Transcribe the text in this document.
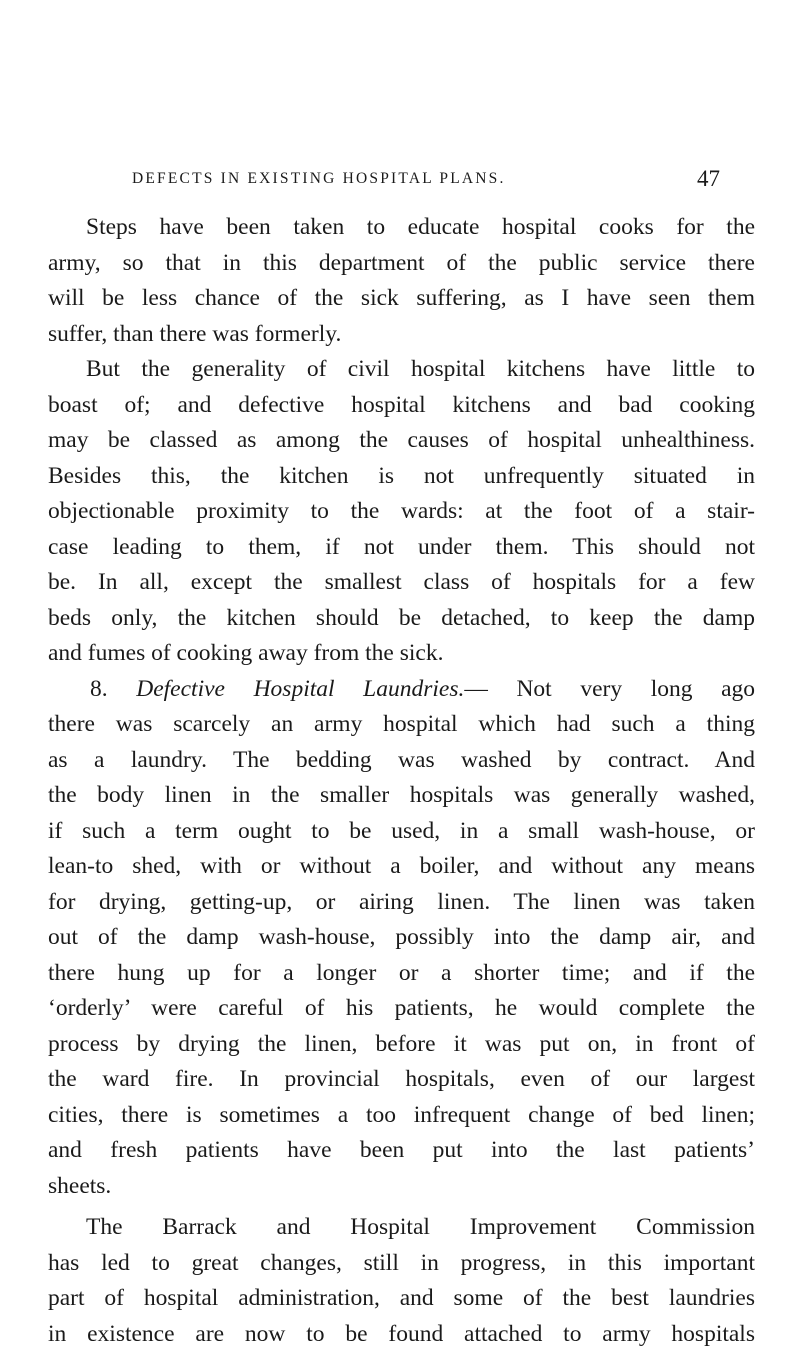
DEFECTS IN EXISTING HOSPITAL PLANS.	47
Steps have been taken to educate hospital cooks for the
army, so that in this department of the public service there
will be less chance of the sick suffering, as I have seen them
suffer, than there was formerly.
But the generality of civil hospital kitchens have little to
boast of; and defective hospital kitchens and bad cooking
may be classed as among the causes of hospital unhealthiness.
Besides this, the kitchen is not unfrequently situated in
objectionable proximity to the wards: at the foot of a stair-
case leading to them, if not under them. This should not
be. In all, except the smallest class of hospitals for a few
beds only, the kitchen should be detached, to keep the damp
and fumes of cooking away from the sick.
8. Defective Hospital Laundries.— Not very long ago
there was scarcely an army hospital which had such a thing
as a laundry. The bedding was washed by contract. And
the body linen in the smaller hospitals was generally washed,
if such a term ought to be used, in a small wash-house, or
lean-to shed, with or without a boiler, and without any means
for drying, getting-up, or airing linen. The linen was taken
out of the damp wash-house, possibly into the damp air, and
there hung up for a longer or a shorter time; and if the
‘orderly’ were careful of his patients, he would complete the
process by drying the linen, before it was put on, in front of
the ward fire. In provincial hospitals, even of our largest
cities, there is sometimes a too infrequent change of bed linen;
and fresh patients have been put into the last patients’
sheets.
The Barrack and Hospital Improvement Commission
has led to great changes, still in progress, in this important
part of hospital administration, and some of the best laundries
in existence are now to be found attached to army hospitals
